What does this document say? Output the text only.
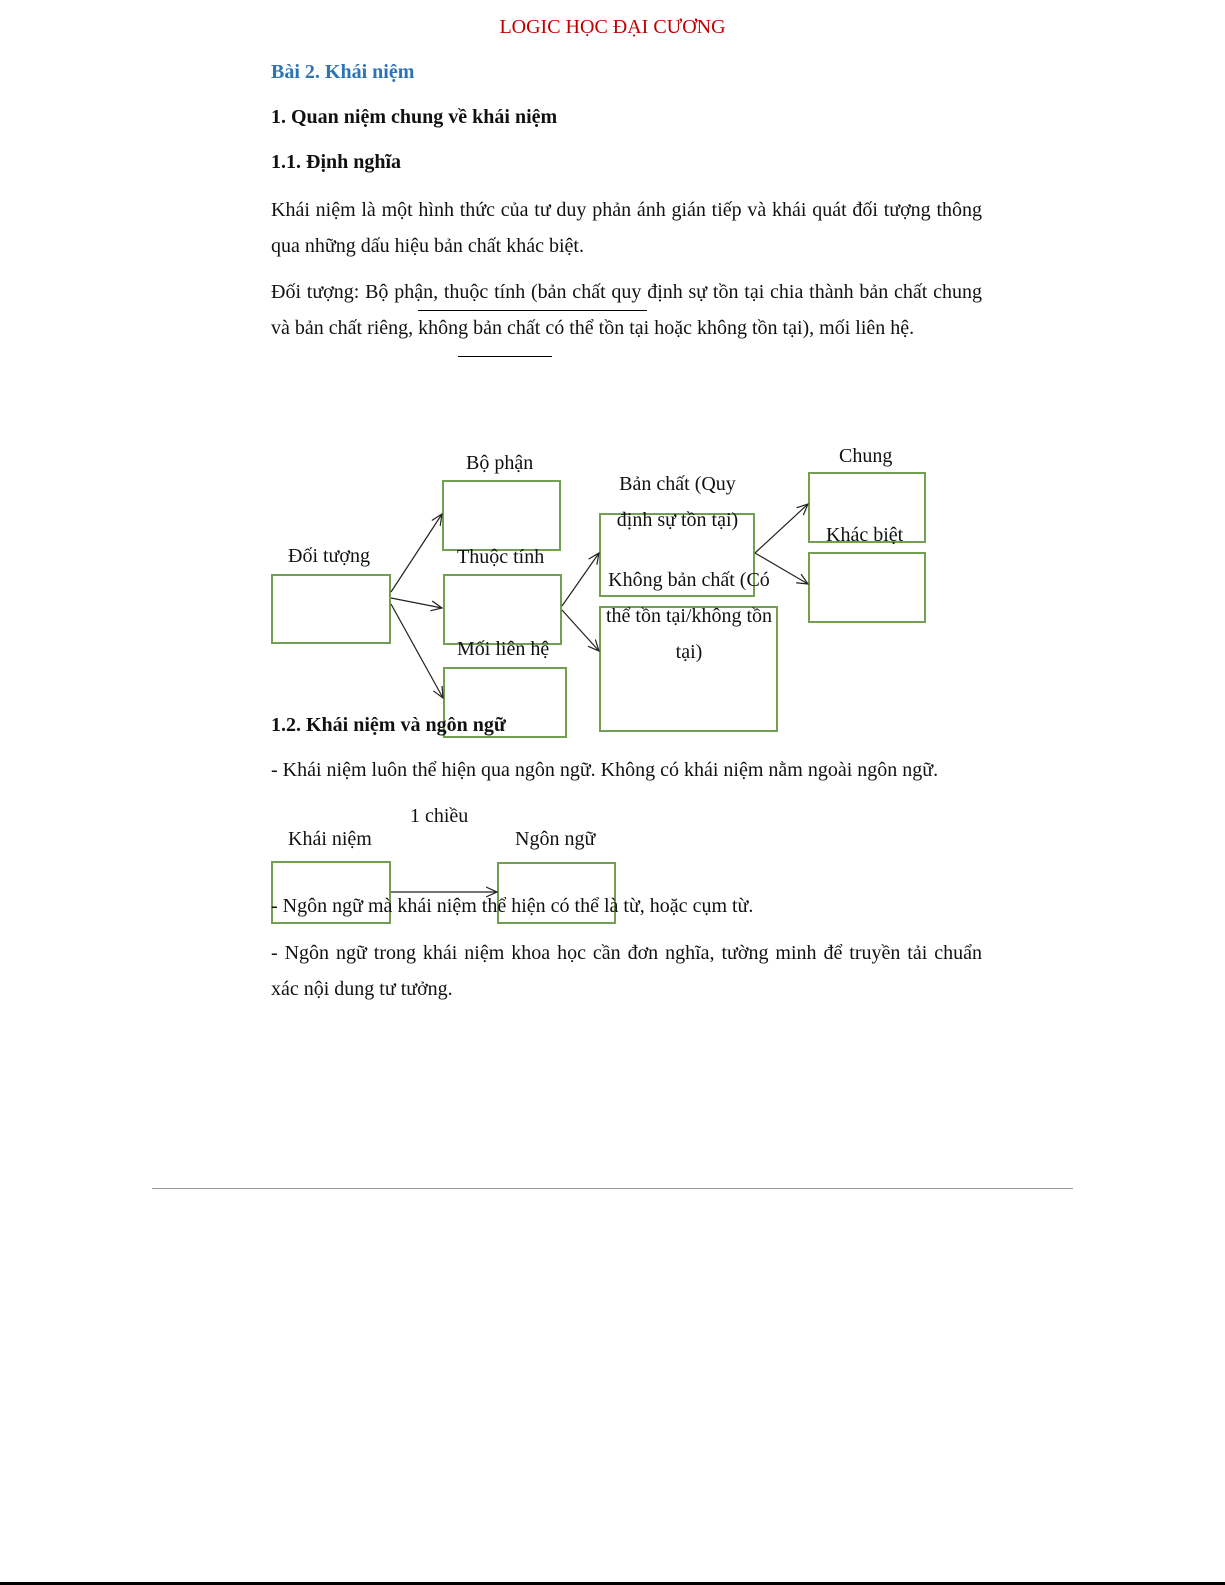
LOGIC HỌC ĐẠI CƯƠNG

Bài 2. Khái niệm

1. Quan niệm chung về khái niệm

1.1. Định nghĩa

Khái niệm là một hình thức của tư duy phản ánh gián tiếp và khái quát đối tượng thông qua những dấu hiệu bản chất khác biệt.

Đối tượng: Bộ phận, thuộc tính (bản chất quy định sự tồn tại chia thành bản chất chung và bản chất riêng, không bản chất có thể tồn tại hoặc không tồn tại), mối liên hệ.

Đối tượng
Bộ phận
Thuộc tính
Mối liên hệ
Bản chất (Quy định sự tồn tại)
Không bản chất (Có thể tồn tại/không tồn tại)
Chung
Khác biệt

1.2. Khái niệm và ngôn ngữ

- Khái niệm luôn thể hiện qua ngôn ngữ. Không có khái niệm nằm ngoài ngôn ngữ.

1 chiều
Khái niệm	Ngôn ngữ

- Ngôn ngữ mà khái niệm thể hiện có thể là từ, hoặc cụm từ.

- Ngôn ngữ trong khái niệm khoa học cần đơn nghĩa, tường minh để truyền tải chuẩn xác nội dung tư tưởng.
